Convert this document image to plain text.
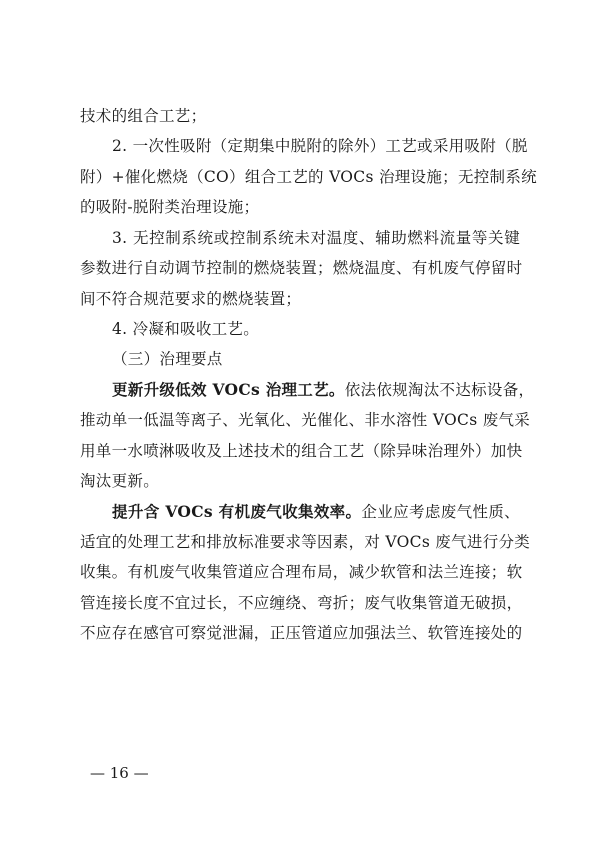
技术的组合工艺；
2. 一次性吸附（定期集中脱附的除外）工艺或采用吸附（脱
附）+催化燃烧（CO）组合工艺的 VOCs 治理设施；无控制系统
的吸附-脱附类治理设施；
3. 无控制系统或控制系统未对温度、辅助燃料流量等关键
参数进行自动调节控制的燃烧装置；燃烧温度、有机废气停留时
间不符合规范要求的燃烧装置；
4. 冷凝和吸收工艺。
（三）治理要点
更新升级低效 VOCs 治理工艺。依法依规淘汰不达标设备，
推动单一低温等离子、光氧化、光催化、非水溶性 VOCs 废气采
用单一水喷淋吸收及上述技术的组合工艺（除异味治理外）加快
淘汰更新。
提升含 VOCs 有机废气收集效率。企业应考虑废气性质、
适宜的处理工艺和排放标准要求等因素，对 VOCs 废气进行分类
收集。有机废气收集管道应合理布局，减少软管和法兰连接；软
管连接长度不宜过长，不应缠绕、弯折；废气收集管道无破损，
不应存在感官可察觉泄漏，正压管道应加强法兰、软管连接处的
— 16 —
